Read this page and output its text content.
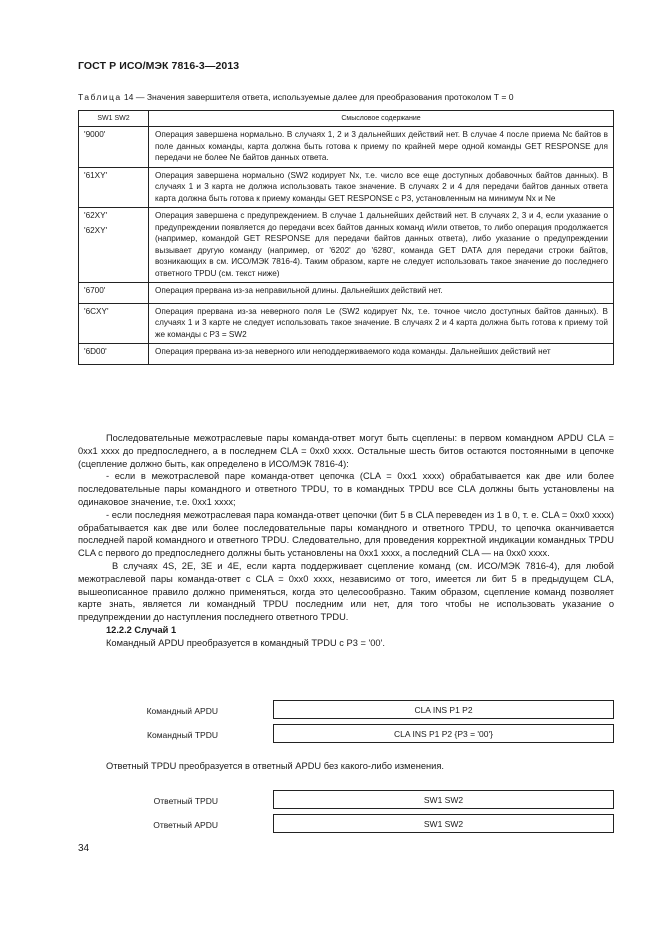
ГОСТ Р ИСО/МЭК 7816-3—2013
Таблица 14 — Значения завершителя ответа, используемые далее для преобразования протоколом Т = 0
SW1 SW2	Смысловое содержание

'9000'	Операция завершена нормально. В случаях 1, 2 и 3 дальнейших действий нет. В случае 4 после приема Nс байтов в поле данных команды, карта должна быть готова к приему по крайней мере одной команды GET RESPONSE для передачи не более Nе байтов данных ответа.

'61XY'	Операция завершена нормально (SW2 кодирует Nx, т.е. число все еще доступных добавочных байтов данных). В случаях 1 и 3 карта не должна использовать такое значение. В случаях 2 и 4 для передачи байтов данных ответа карта должна быть готова к приему команды GET RESPONSE с P3, установленным на минимум Nх и Nе

'62XY'
'62XY'	Операция завершена с предупреждением. В случае 1 дальнейших действий нет. В случаях 2, 3 и 4, если указание о предупреждении появляется до передачи всех байтов данных команд и/или ответов, то либо операция продолжается (например, командой GET RESPONSE для передачи байтов данных ответа), либо указание о предупреждении вызывает другую команду (например, от '6202' до '6280', команда GET DATA для передачи строки байтов, возникающих в см. ИСО/МЭК 7816-4). Таким образом, карте не следует использовать такое значение до последнего ответного TPDU (см. текст ниже)

'6700'	Операция прервана из-за неправильной длины. Дальнейших действий нет.

'6CXY'	Операция прервана из-за неверного поля Lе (SW2 кодирует Nx, т.е. точное число доступных байтов данных). В случаях 1 и 3 карте не следует использовать такое значение. В случаях 2 и 4 карта должна быть готова к приему той же команды с P3 = SW2

'6D00'	Операция прервана из-за неверного или неподдерживаемого кода команды. Дальнейших действий нет

Последовательные межотраслевые пары команда-ответ могут быть сцеплены: в первом командном APDU CLA = 0xx1 xxxx до предпоследнего, а в последнем CLA = 0xx0 xxxx. Остальные шесть битов остаются постоянными в цепочке (сцепление должно быть, как определено в ИСО/МЭК 7816-4):

- если в межотраслевой паре команда-ответ цепочка (CLA = 0xx1 xxxx) обрабатывается как две или более последовательные пары командного и ответного TPDU, то в командных TPDU все CLA должны быть установлены на одинаковое значение, т.е. 0xx1 xxxx;

- если последняя межотраслевая пара команда-ответ цепочки (бит 5 в CLA переведен из 1 в 0, т. е. CLA = 0xx0 xxxx) обрабатывается как две или более последовательные пары командного и ответного TPDU, то цепочка оканчивается последней парой командного и ответного TPDU. Следовательно, для проведения корректной индикации командных TPDU CLA с первого до предпоследнего должны быть установлены на 0xx1 xxxx, а последний CLA — на 0xx0 xxxx.

В случаях 4S, 2E, 3E и 4E, если карта поддерживает сцепление команд (см. ИСО/МЭК 7816-4), для любой межотраслевой пары команда-ответ с CLA = 0xx0 xxxx, независимо от того, имеется ли бит 5 в предыдущем CLA, вышеописанное правило должно применяться, когда это целесообразно. Таким образом, сцепление команд позволяет карте знать, является ли командный TPDU последним или нет, для того чтобы не использовать указание о предупреждении до наступления последнего ответного TPDU.

12.2.2 Случай 1

Командный APDU преобразуется в командный TPDU с P3 = '00'.

Командный APDU	CLA INS P1 P2
Командный TPDU	CLA INS P1 P2 {P3 = '00'}
Ответный TPDU преобразуется в ответный APDU без какого-либо изменения.
Ответный TPDU	SW1 SW2
Ответный APDU	SW1 SW2
34
